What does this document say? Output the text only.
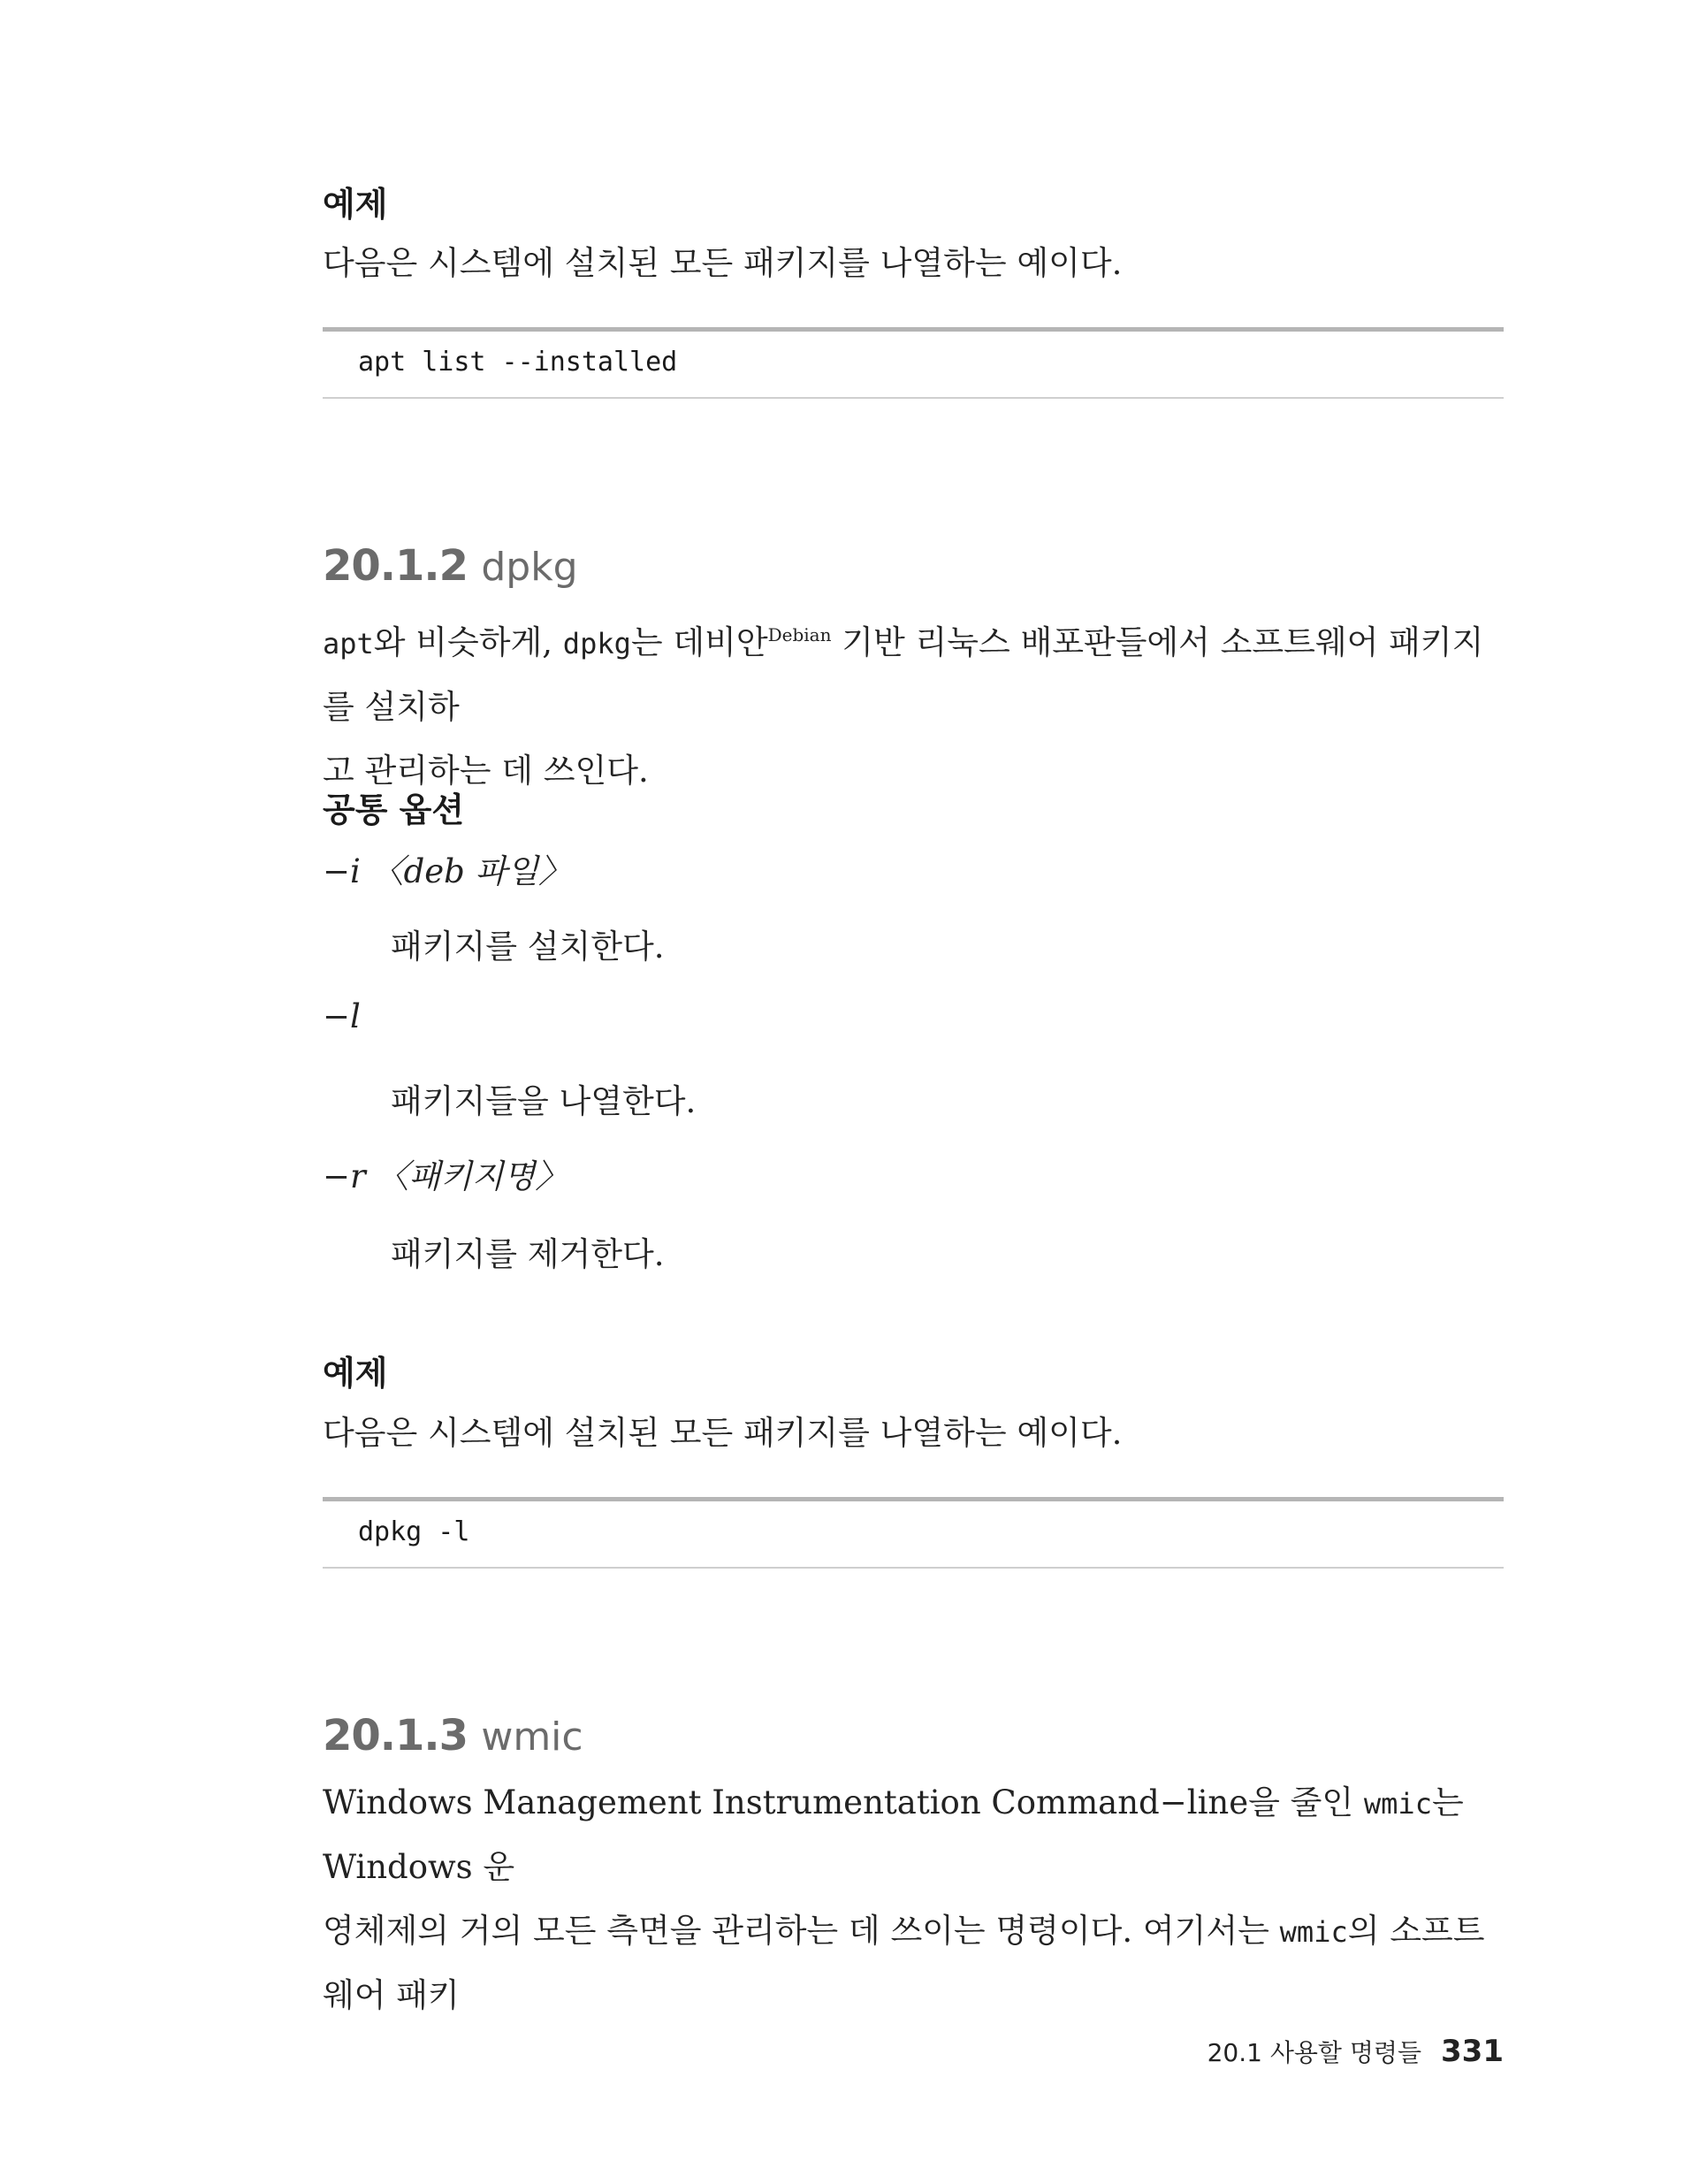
예제
다음은 시스템에 설치된 모든 패키지를 나열하는 예이다.
apt list --installed
20.1.2 dpkg
apt와 비슷하게, dpkg는 데비안$^{Debian}$ 기반 리눅스 배포판들에서 소프트웨어 패키지를 설치하
고 관리하는 데 쓰인다.
공통 옵션
−i 〈deb 파일〉
패키지를 설치한다.
−l
패키지들을 나열한다.
−r 〈패키지명〉
패키지를 제거한다.
예제
다음은 시스템에 설치된 모든 패키지를 나열하는 예이다.
dpkg -l
20.1.3 wmic
Windows Management Instrumentation Command−line을 줄인 wmic는 Windows 운
영체제의 거의 모든 측면을 관리하는 데 쓰이는 명령이다. 여기서는 wmic의 소프트웨어 패키
20.1 사용할 명령들 331
